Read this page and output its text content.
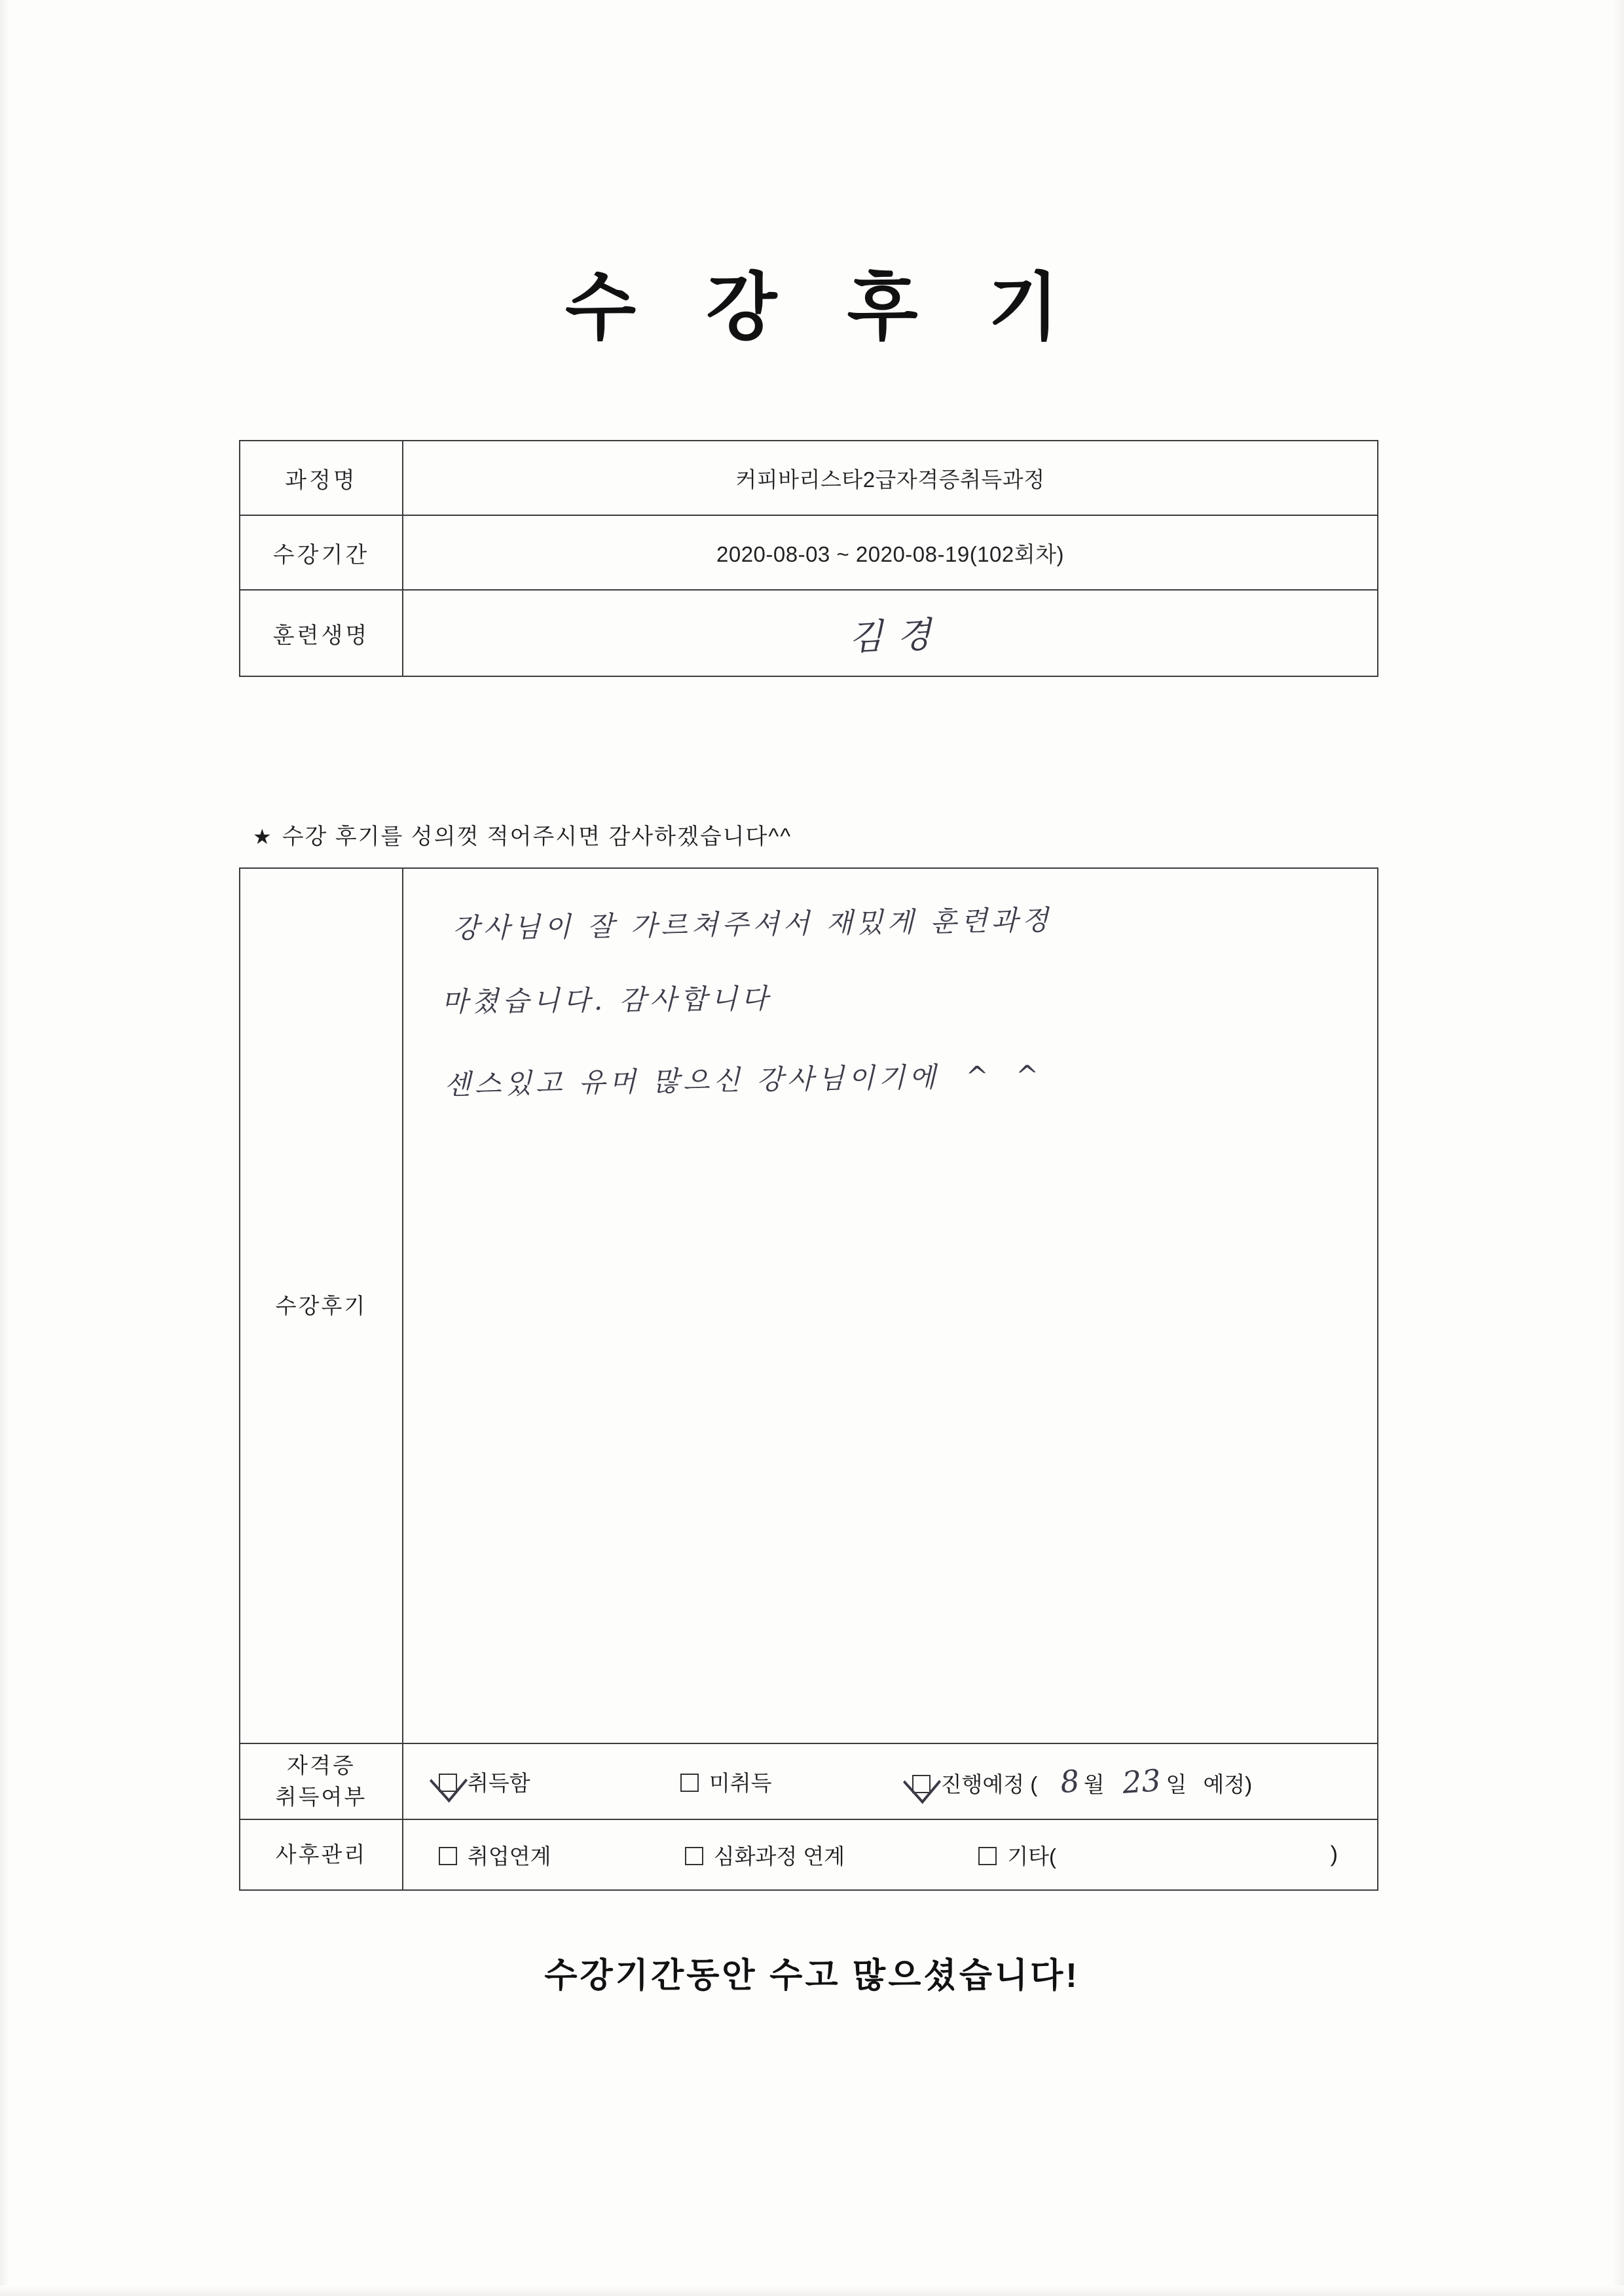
수 강 후 기
과정명	커피바리스타2급자격증취득과정
수강기간	2020-08-03 ~ 2020-08-19(102회차)
훈련생명	김 경
★ 수강 후기를 성의껏 적어주시면 감사하겠습니다^^
수강후기	강사님이 잘 가르쳐주셔서 재밌게 훈련과정
마쳤습니다. 감사합니다
센스있고 유머 많으신 강사님이기에 ^ ^

자격증
취득여부	취득함 미취득 진행예정 ( 8월 23 일 예정)
사후관리	취업연계 심화과정 연계 기타( )
수강기간동안 수고 많으셨습니다!
